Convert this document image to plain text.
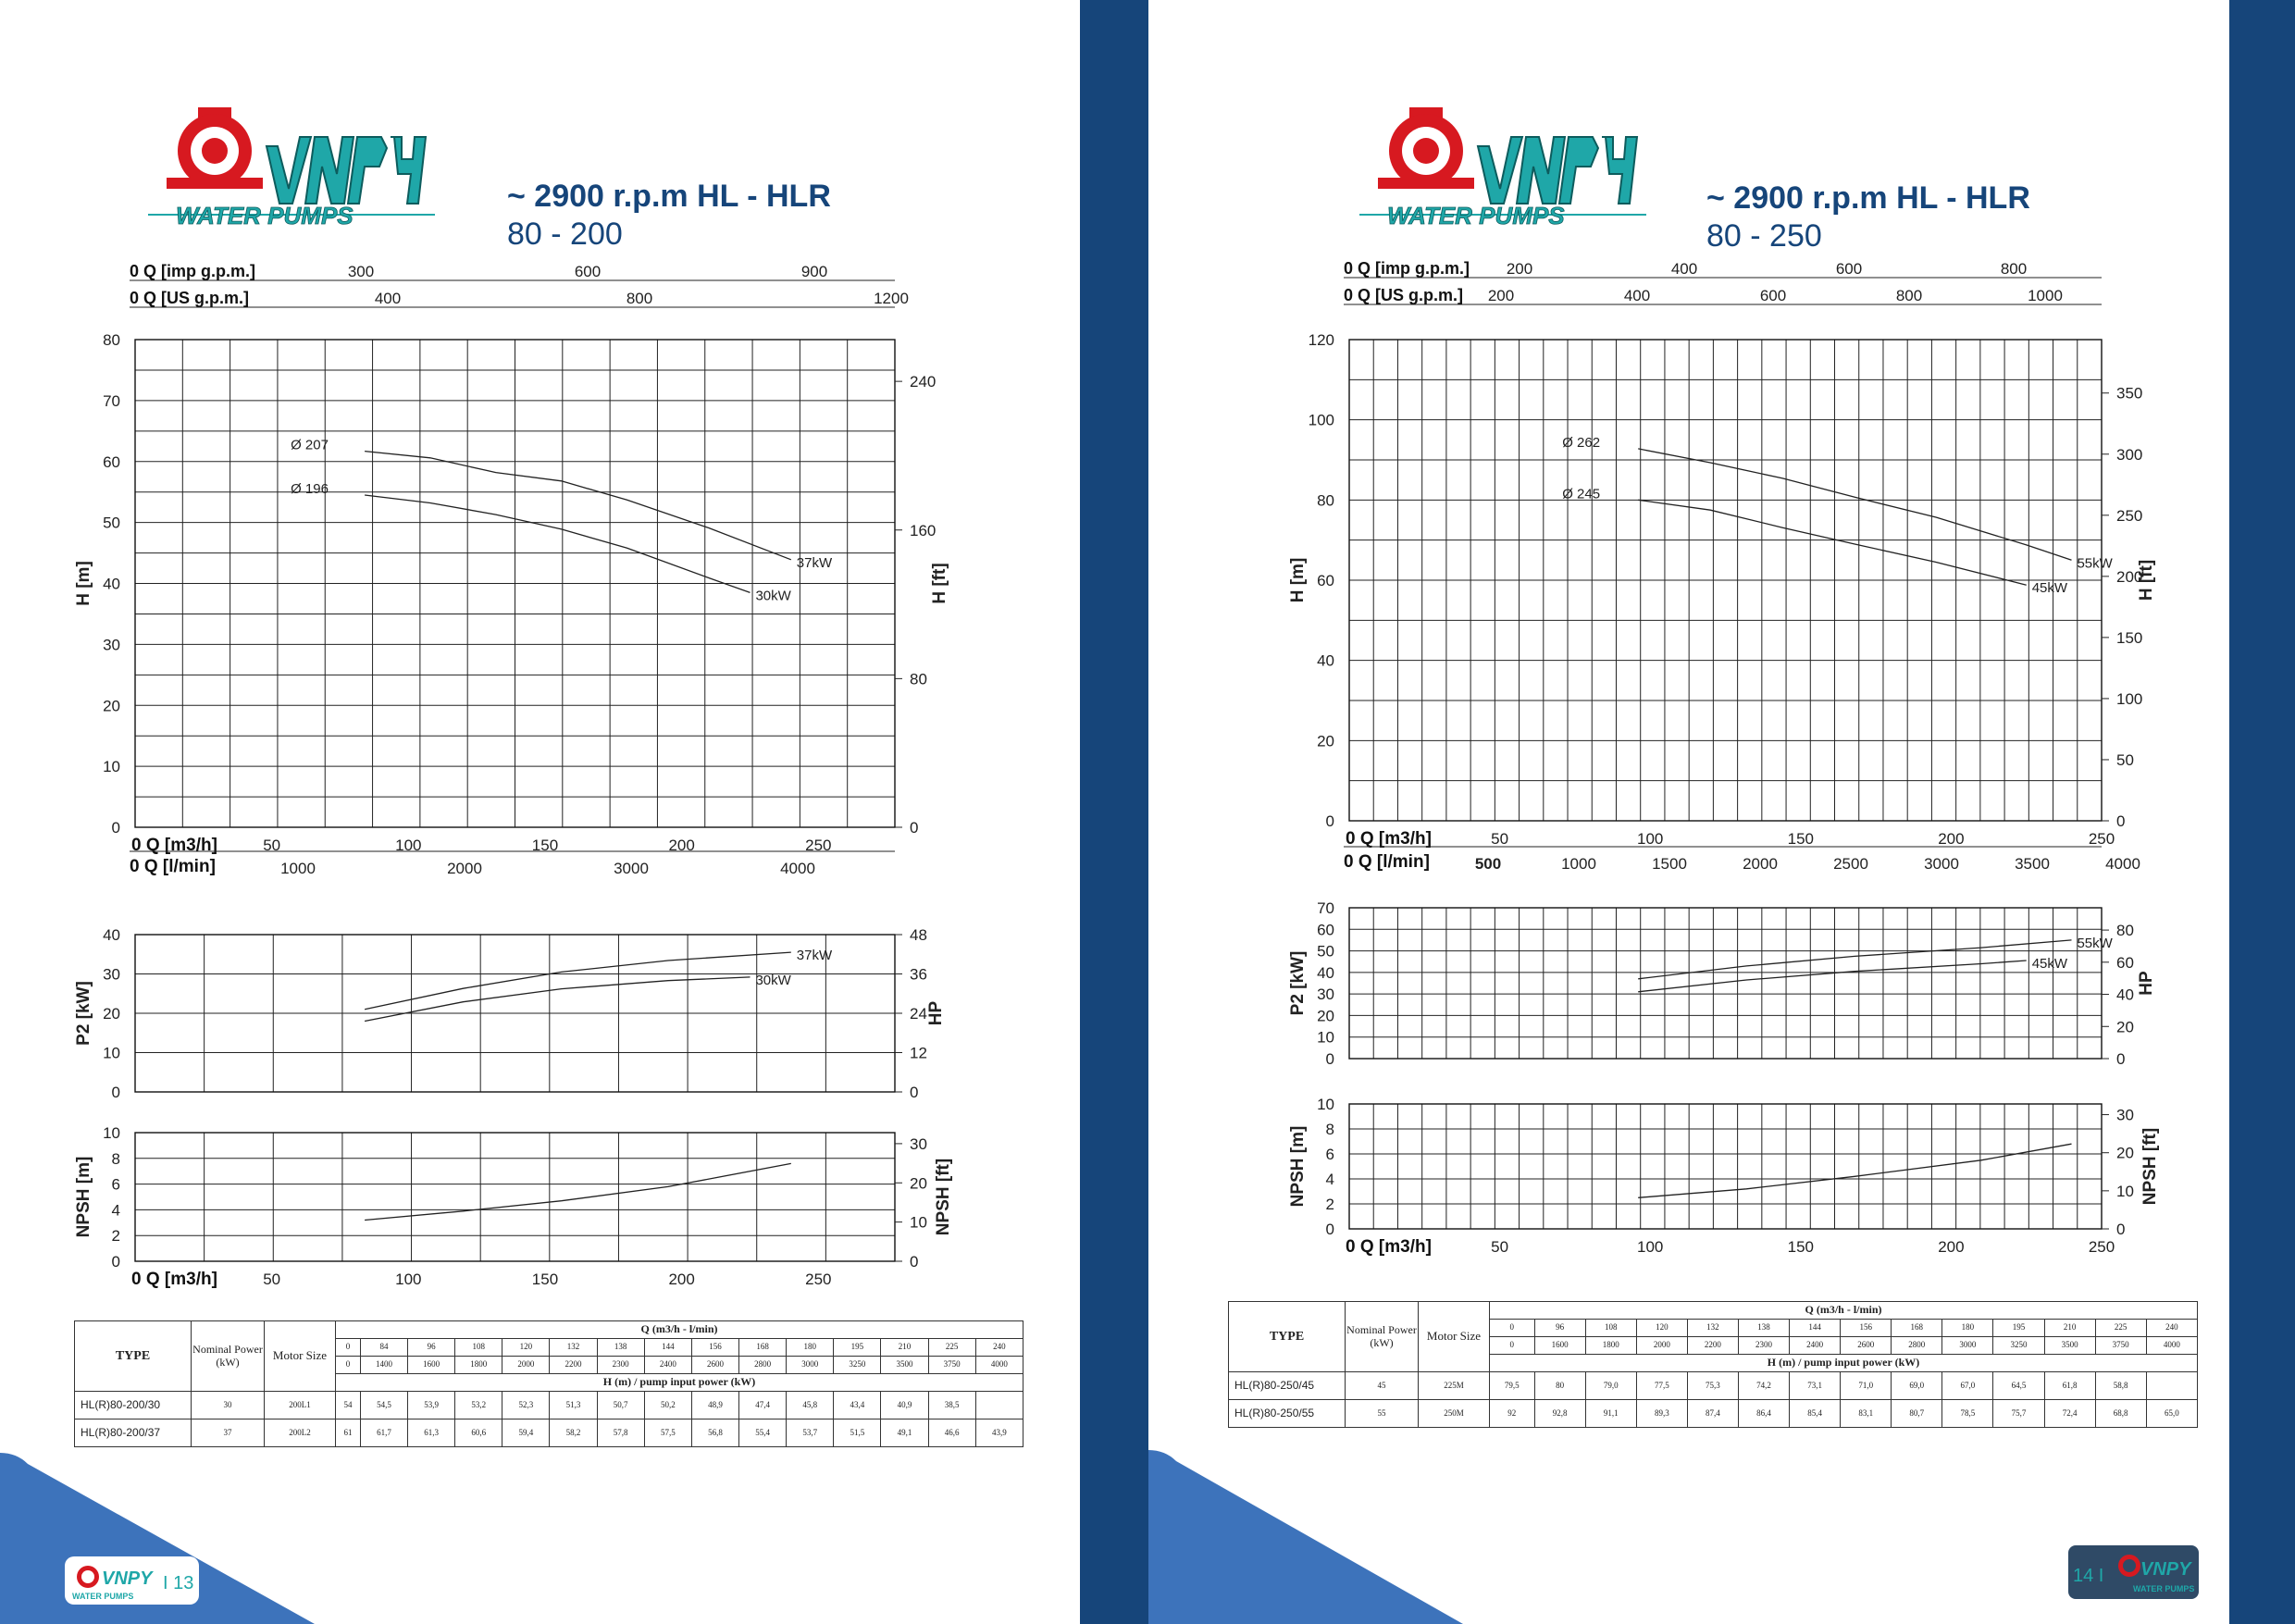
WATER PUMPS
~ 2900 r.p.m HL - HLR
80 - 200
0
10
20
30
40
50
60
70
80
0
80
160
240
H [m]	H [ft]
50	100	150	200	250
0 Q [m3/h]
37kW
Ø 207
30kW
Ø 196
0 Q [imp g.p.m.]	300	600	900
0 Q [US g.p.m.]	400	800	1200
0 Q [l/min]	1000	2000	3000	4000
0
10
20
30
40
0
12
24
36
48
P2 [kW]	HP
37kW
30kW
0
2
4
6
8
10
0
10
20
30
NPSH [m]	NPSH [ft]
50	100	150	200	250
0 Q [m3/h]
TYPE	Nominal Power (kW)	Motor Size	Q (m3/h - l/min)														
			0	84	96	108	120	132	138	144	156	168	180	195	210	225	240
			0	1400	1600	1800	2000	2200	2300	2400	2600	2800	3000	3250	3500	3750	4000
			H (m) / pump input power (kW)														
HL(R)80-200/30	30	200L1	54	54,5	53,9	53,2	52,3	51,3	50,7	50,2	48,9	47,4	45,8	43,4	40,9	38,5	
HL(R)80-200/37	37	200L2	61	61,7	61,3	60,6	59,4	58,2	57,8	57,5	56,8	55,4	53,7	51,5	49,1	46,6	43,9
VNPY
WATER PUMPS
I 13
WATER PUMPS	~ 2900 r.p.m HL - HLR
80 - 250
0
20
40
60
80
100
120
0
50
100
150
200
250
300
350
H [m]	H [ft]
50	100	150	200	250
0 Q [m3/h]
55kW
Ø 262
45kW
Ø 245
0 Q [imp g.p.m.] 200	400	600	800
0 Q [US g.p.m.] 200	400	600	800	1000
0 Q [l/min]	500	1000	1500	2000	2500	3000	3500	4000
0
10
20
30
40
50
60
70
0
20
40
60
80
P2 [kW]	HP
55kW
45kW
0
2
4
6
8
10
0
10
20
30
NPSH [m]	NPSH [ft]
50	100	150	200	250
0 Q [m3/h]
TYPE	Nominal Power (kW)	Motor Size	Q (m3/h - l/min)													
			0	96	108	120	132	138	144	156	168	180	195	210	225	240
			0	1600	1800	2000	2200	2300	2400	2600	2800	3000	3250	3500	3750	4000
			H (m) / pump input power (kW)													
HL(R)80-250/45	45	225M	79,5	80	79,0	77,5	75,3	74,2	73,1	71,0	69,0	67,0	64,5	61,8	58,8	
HL(R)80-250/55	55	250M	92	92,8	91,1	89,3	87,4	86,4	85,4	83,1	80,7	78,5	75,7	72,4	68,8	65,0
VNPY
WATER PUMPS
14 I
